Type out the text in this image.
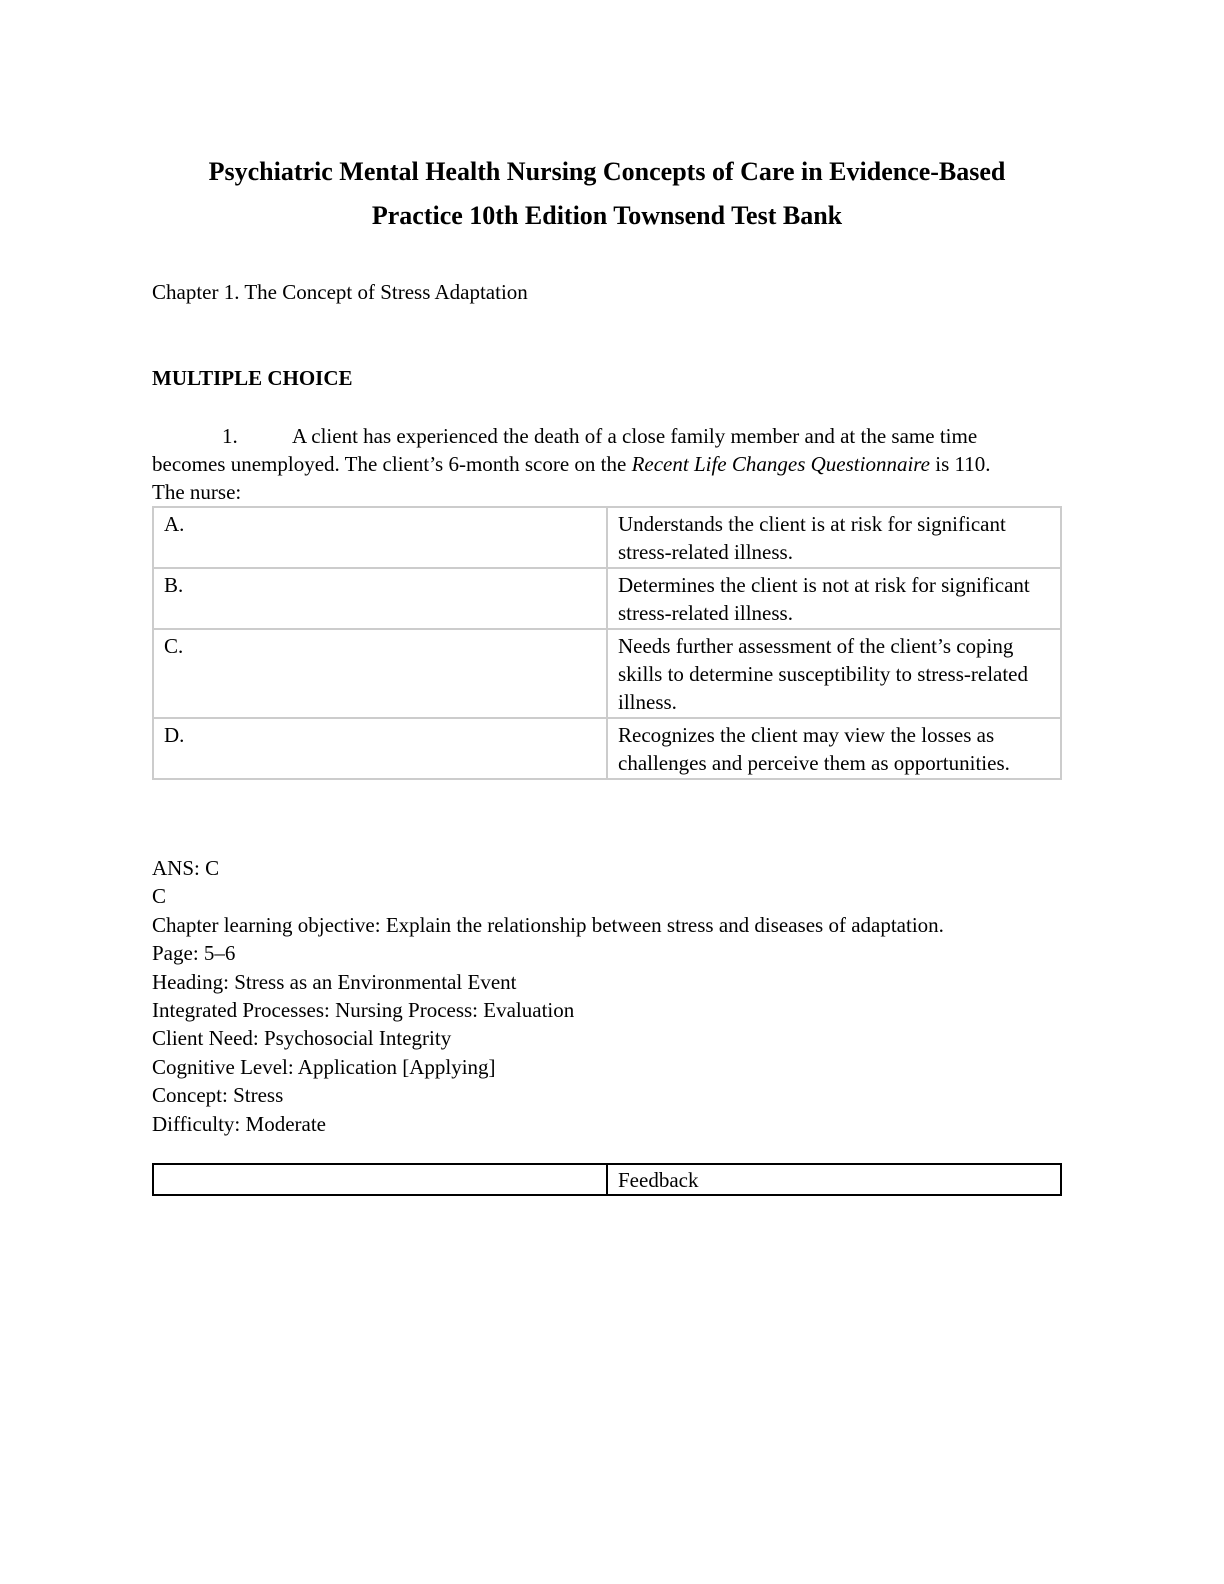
Psychiatric Mental Health Nursing Concepts of Care in Evidence-Based
Practice 10th Edition Townsend Test Bank
Chapter 1. The Concept of Stress Adaptation
MULTIPLE CHOICE
1.	A client has experienced the death of a close family member and at the same time becomes unemployed. The client’s 6-month score on the Recent Life Changes Questionnaire is 110. The nurse:
A.	Understands the client is at risk for significant stress-related illness.
B.	Determines the client is not at risk for significant stress-related illness.
C.	Needs further assessment of the client’s coping skills to determine susceptibility to stress-related illness.
D.	Recognizes the client may view the losses as challenges and perceive them as opportunities.
ANS: C
C
Chapter learning objective: Explain the relationship between stress and diseases of adaptation.
Page: 5–6
Heading: Stress as an Environmental Event
Integrated Processes: Nursing Process: Evaluation
Client Need: Psychosocial Integrity
Cognitive Level: Application [Applying]
Concept: Stress
Difficulty: Moderate
	Feedback
